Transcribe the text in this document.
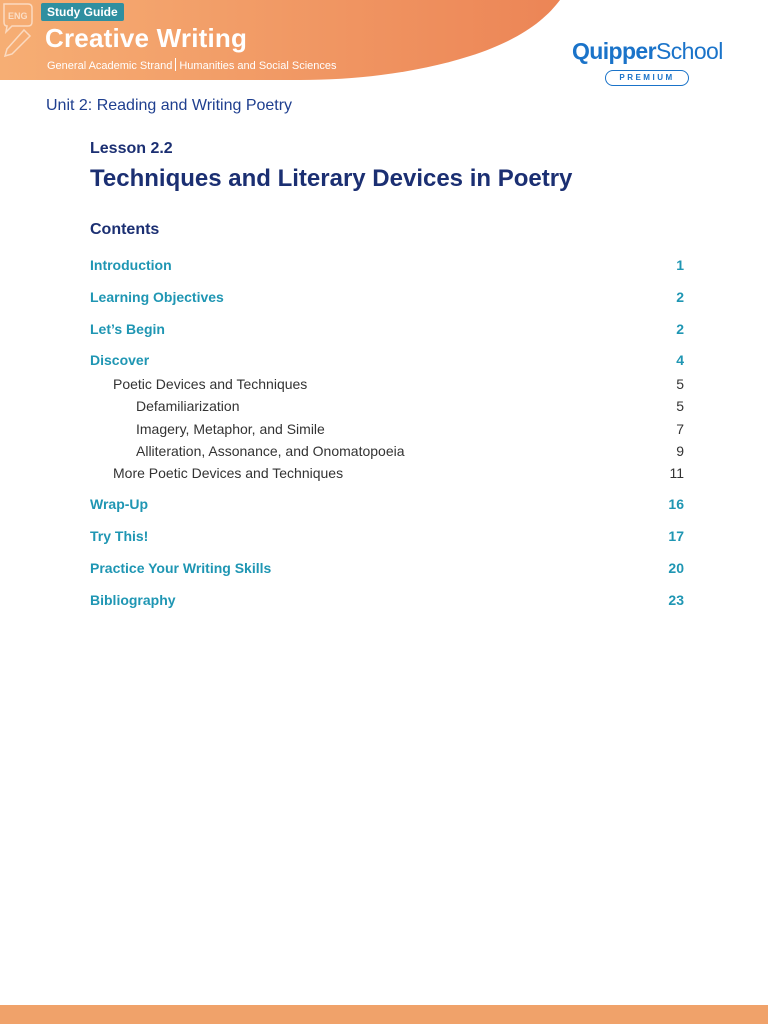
ENG	Study Guide
Creative Writing
General Academic Strand Humanities and Social Sciences
QuipperSchool
PREMIUM
Unit 2: Reading and Writing Poetry
Lesson 2.2
Techniques and Literary Devices in Poetry
Contents
Introduction	1
Learning Objectives	2
Let’s Begin	2
Discover	4
Poetic Devices and Techniques	5
Defamiliarization	5
Imagery, Metaphor, and Simile	7
Alliteration, Assonance, and Onomatopoeia	9
More Poetic Devices and Techniques	11
Wrap-Up	16
Try This!	17
Practice Your Writing Skills	20
Bibliography	23
